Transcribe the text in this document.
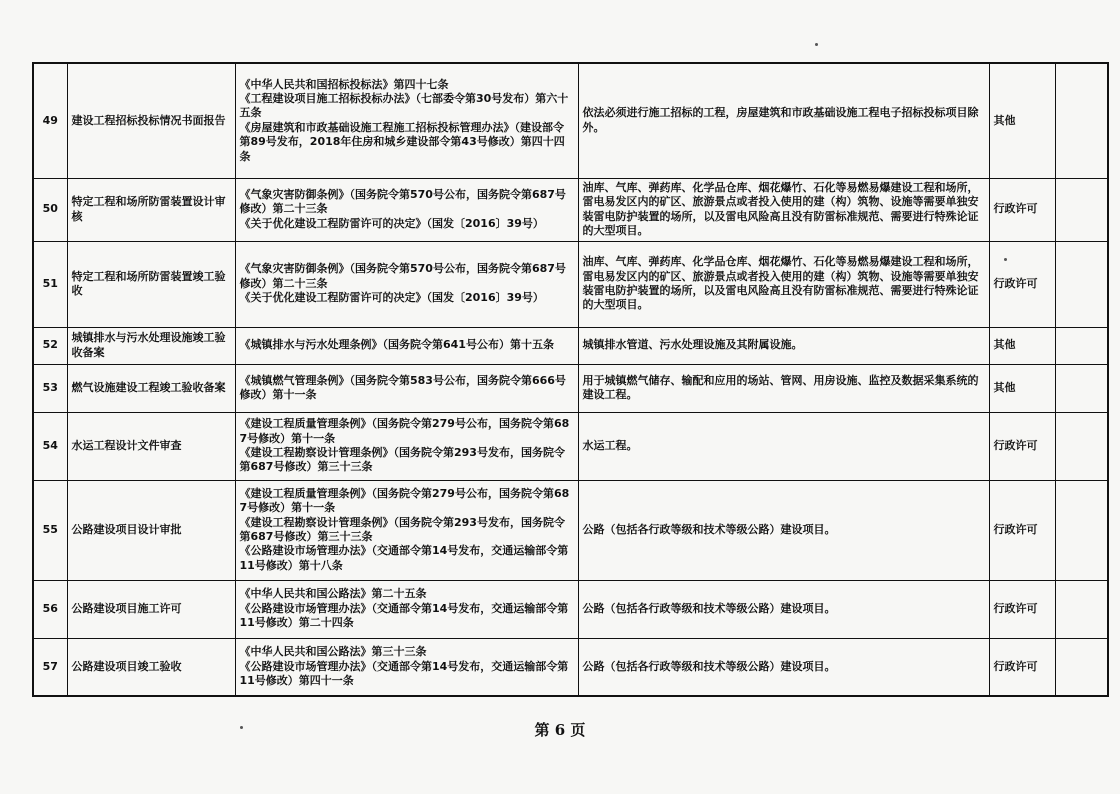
49	建设工程招标投标情况书面报告	《中华人民共和国招标投标法》第四十七条
《工程建设项目施工招标投标办法》（七部委令第30号发布）第六十五条
《房屋建筑和市政基础设施工程施工招标投标管理办法》（建设部令第89号发布，2018年住房和城乡建设部令第43号修改）第四十四条	依法必须进行施工招标的工程，房屋建筑和市政基础设施工程电子招标投标项目除外。	其他	
50	特定工程和场所防雷装置设计审核	《气象灾害防御条例》（国务院令第570号公布，国务院令第687号修改）第二十三条
《关于优化建设工程防雷许可的决定》（国发〔2016〕39号）	油库、气库、弹药库、化学品仓库、烟花爆竹、石化等易燃易爆建设工程和场所，雷电易发区内的矿区、旅游景点或者投入使用的建（构）筑物、设施等需要单独安装雷电防护装置的场所，以及雷电风险高且没有防雷标准规范、需要进行特殊论证的大型项目。	行政许可	
51	特定工程和场所防雷装置竣工验收	《气象灾害防御条例》（国务院令第570号公布，国务院令第687号修改）第二十三条
《关于优化建设工程防雷许可的决定》（国发〔2016〕39号）	油库、气库、弹药库、化学品仓库、烟花爆竹、石化等易燃易爆建设工程和场所，雷电易发区内的矿区、旅游景点或者投入使用的建（构）筑物、设施等需要单独安装雷电防护装置的场所，以及雷电风险高且没有防雷标准规范、需要进行特殊论证的大型项目。	行政许可	
52	城镇排水与污水处理设施竣工验收备案	《城镇排水与污水处理条例》（国务院令第641号公布）第十五条	城镇排水管道、污水处理设施及其附属设施。	其他	
53	燃气设施建设工程竣工验收备案	《城镇燃气管理条例》（国务院令第583号公布，国务院令第666号修改）第十一条	用于城镇燃气储存、输配和应用的场站、管网、用房设施、监控及数据采集系统的建设工程。	其他	
54	水运工程设计文件审查	《建设工程质量管理条例》（国务院令第279号公布，国务院令第687号修改）第十一条
《建设工程勘察设计管理条例》（国务院令第293号发布，国务院令第687号修改）第三十三条	水运工程。	行政许可	
55	公路建设项目设计审批	《建设工程质量管理条例》（国务院令第279号公布，国务院令第687号修改）第十一条
《建设工程勘察设计管理条例》（国务院令第293号发布，国务院令第687号修改）第三十三条
《公路建设市场管理办法》（交通部令第14号发布，交通运输部令第11号修改）第十八条	公路（包括各行政等级和技术等级公路）建设项目。	行政许可	
56	公路建设项目施工许可	《中华人民共和国公路法》第二十五条
《公路建设市场管理办法》（交通部令第14号发布，交通运输部令第11号修改）第二十四条	公路（包括各行政等级和技术等级公路）建设项目。	行政许可	
57	公路建设项目竣工验收	《中华人民共和国公路法》第三十三条
《公路建设市场管理办法》（交通部令第14号发布，交通运输部令第11号修改）第四十一条	公路（包括各行政等级和技术等级公路）建设项目。	行政许可	
第 6 页
